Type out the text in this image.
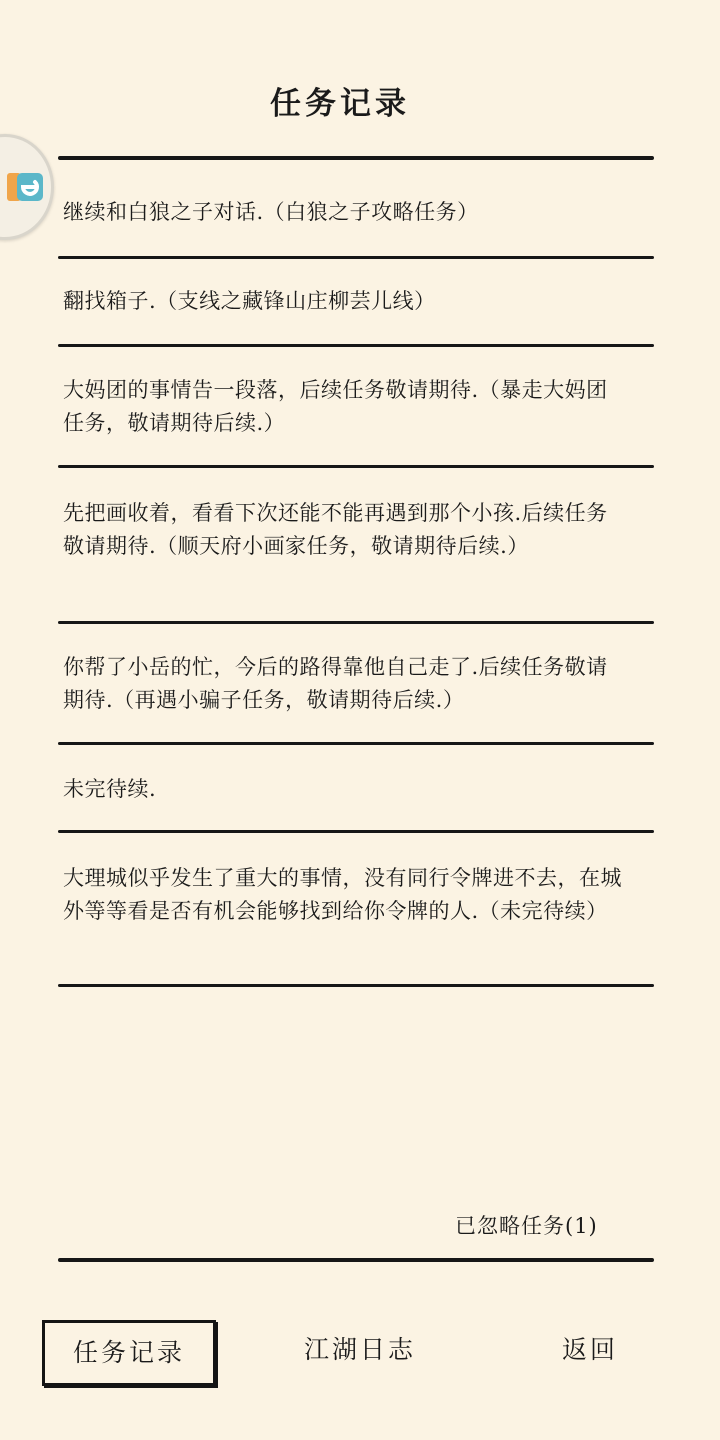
任务记录
继续和白狼之子对话.（白狼之子攻略任务）
翻找箱子.（支线之藏锋山庄柳芸儿线）
大妈团的事情告一段落，后续任务敬请期待.（暴走大妈团任务，敬请期待后续.）
先把画收着，看看下次还能不能再遇到那个小孩.后续任务敬请期待.（顺天府小画家任务，敬请期待后续.）
你帮了小岳的忙，今后的路得靠他自己走了.后续任务敬请期待.（再遇小骗子任务，敬请期待后续.）
未完待续.
大理城似乎发生了重大的事情，没有同行令牌进不去，在城外等等看是否有机会能够找到给你令牌的人.（未完待续）
已忽略任务(1)
任务记录	江湖日志	返回
